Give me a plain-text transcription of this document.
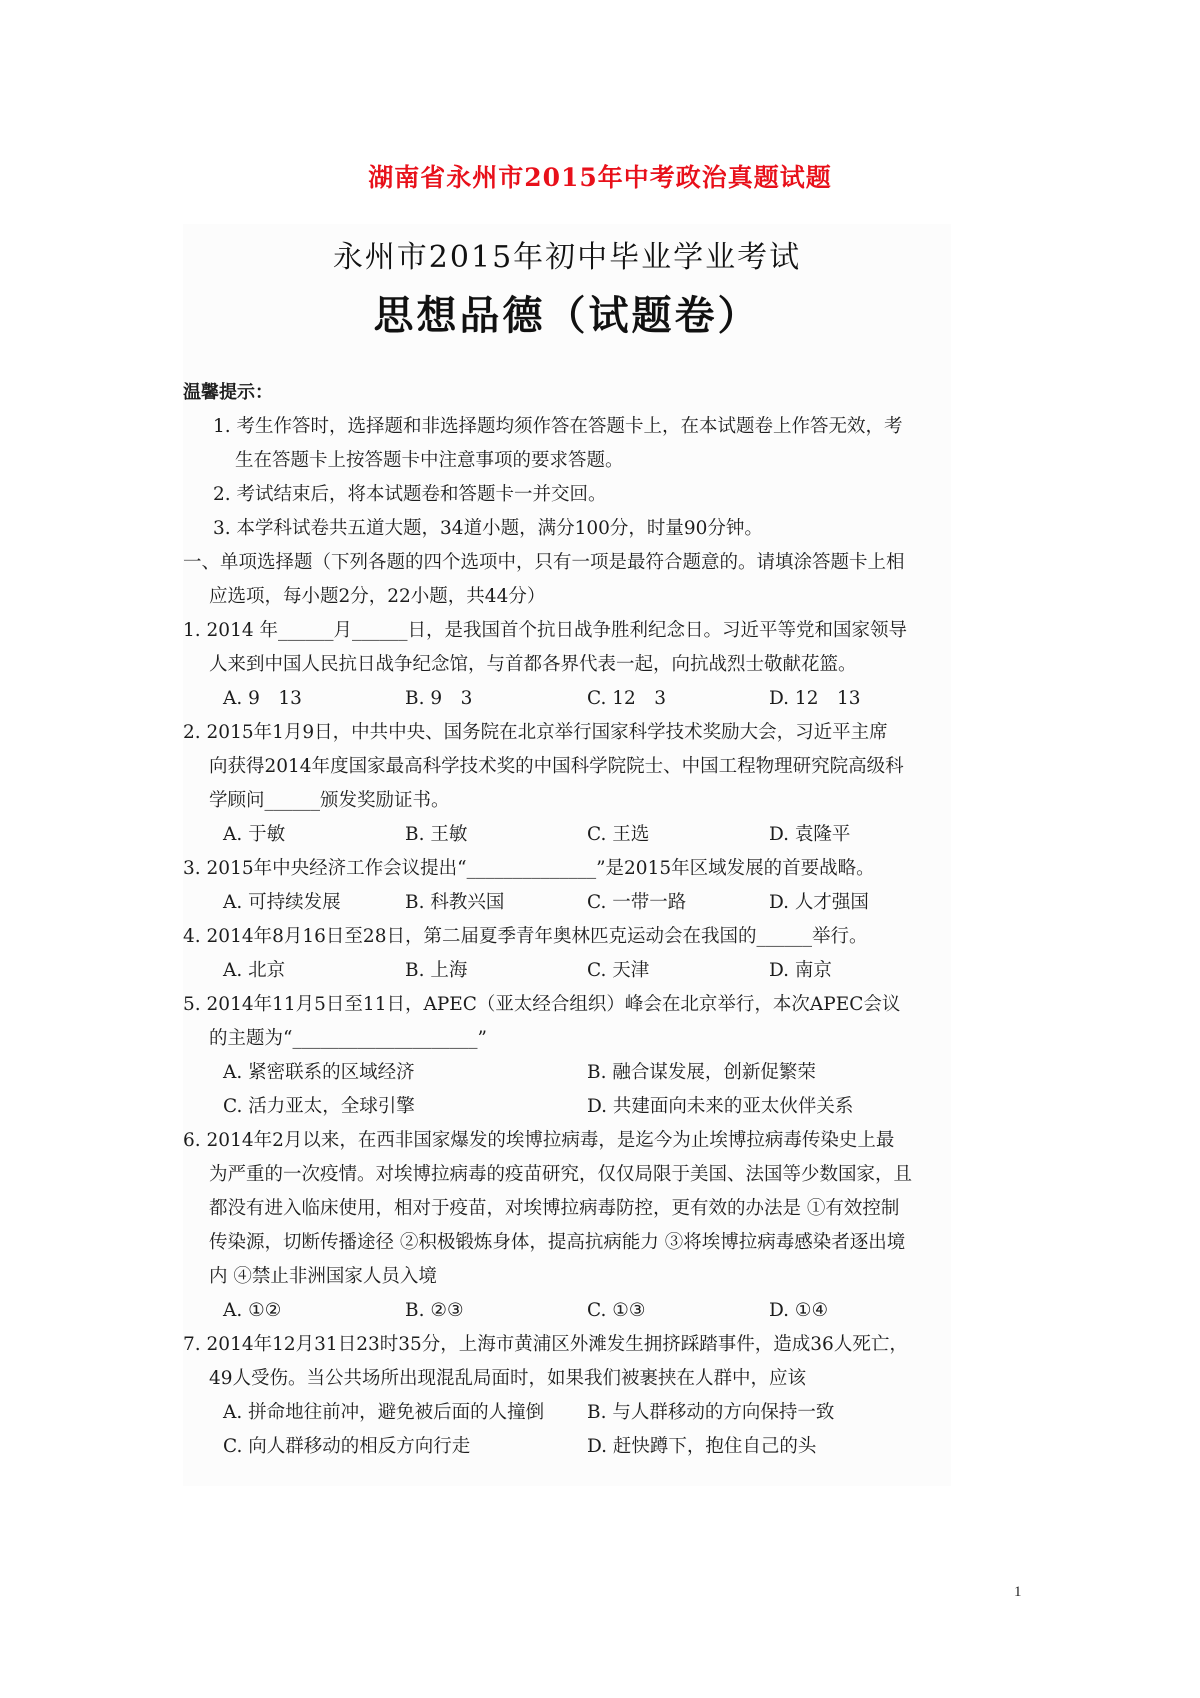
湖南省永州市2015年中考政治真题试题
永州市2015年初中毕业学业考试
思想品德（试题卷）
温馨提示：
1. 考生作答时，选择题和非选择题均须作答在答题卡上，在本试题卷上作答无效，考
生在答题卡上按答题卡中注意事项的要求答题。
2. 考试结束后，将本试题卷和答题卡一并交回。
3. 本学科试卷共五道大题，34道小题，满分100分，时量90分钟。
一、单项选择题（下列各题的四个选项中，只有一项是最符合题意的。请填涂答题卡上相
应选项，每小题2分，22小题，共44分）
1. 2014 年______月______日，是我国首个抗日战争胜利纪念日。习近平等党和国家领导
人来到中国人民抗日战争纪念馆，与首都各界代表一起，向抗战烈士敬献花篮。
A. 9　13	B. 9　3	C. 12　3	D. 12　13
2. 2015年1月9日，中共中央、国务院在北京举行国家科学技术奖励大会，习近平主席
向获得2014年度国家最高科学技术奖的中国科学院院士、中国工程物理研究院高级科
学顾问______颁发奖励证书。
A. 于敏	B. 王敏	C. 王选	D. 袁隆平
3. 2015年中央经济工作会议提出“______________”是2015年区域发展的首要战略。
A. 可持续发展	B. 科教兴国	C. 一带一路	D. 人才强国
4. 2014年8月16日至28日，第二届夏季青年奥林匹克运动会在我国的______举行。
A. 北京	B. 上海	C. 天津	D. 南京
5. 2014年11月5日至11日，APEC（亚太经合组织）峰会在北京举行，本次APEC会议
的主题为“____________________”
A. 紧密联系的区域经济	B. 融合谋发展，创新促繁荣
C. 活力亚太，全球引擎	D. 共建面向未来的亚太伙伴关系
6. 2014年2月以来，在西非国家爆发的埃博拉病毒，是迄今为止埃博拉病毒传染史上最
为严重的一次疫情。对埃博拉病毒的疫苗研究，仅仅局限于美国、法国等少数国家，且
都没有进入临床使用，相对于疫苗，对埃博拉病毒防控，更有效的办法是 ①有效控制
传染源，切断传播途径 ②积极锻炼身体，提高抗病能力 ③将埃博拉病毒感染者逐出境
内 ④禁止非洲国家人员入境
A. ①②	B. ②③	C. ①③	D. ①④
7. 2014年12月31日23时35分，上海市黄浦区外滩发生拥挤踩踏事件，造成36人死亡，
49人受伤。当公共场所出现混乱局面时，如果我们被裹挟在人群中，应该
A. 拼命地往前冲，避免被后面的人撞倒	B. 与人群移动的方向保持一致
C. 向人群移动的相反方向行走	D. 赶快蹲下，抱住自己的头
1
